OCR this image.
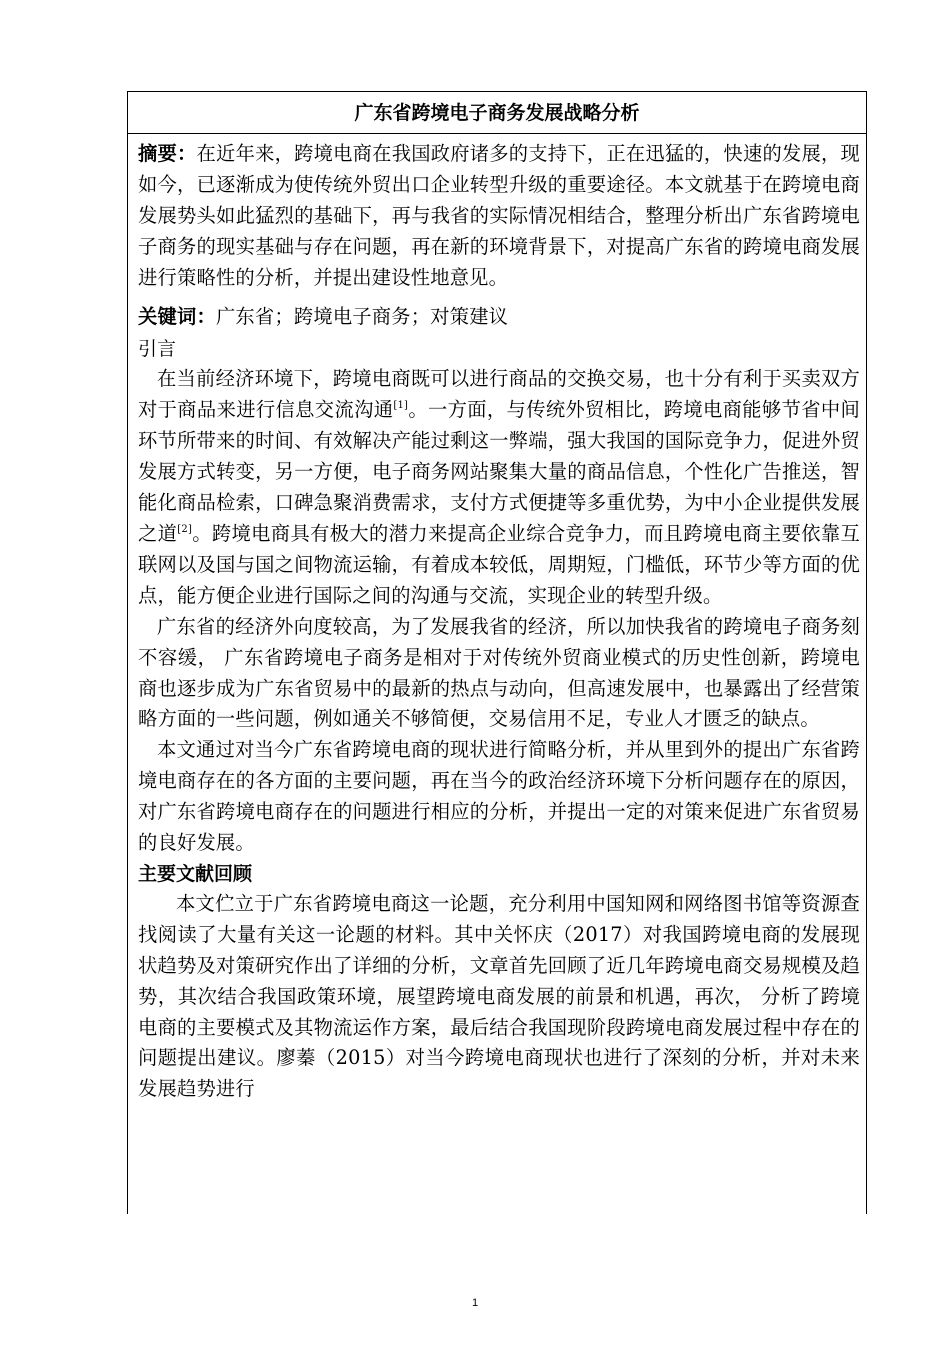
广东省跨境电子商务发展战略分析

摘要：在近年来，跨境电商在我国政府诸多的支持下，正在迅猛的，快速的发展，现如今，已逐渐成为使传统外贸出口企业转型升级的重要途径。本文就基于在跨境电商发展势头如此猛烈的基础下，再与我省的实际情况相结合，整理分析出广东省跨境电子商务的现实基础与存在问题，再在新的环境背景下，对提高广东省的跨境电商发展进行策略性的分析，并提出建设性地意见。

关键词：广东省；跨境电子商务；对策建议

引言

在当前经济环境下，跨境电商既可以进行商品的交换交易，也十分有利于买卖双方对于商品来进行信息交流沟通[1]。一方面，与传统外贸相比，跨境电商能够节省中间环节所带来的时间、有效解决产能过剩这一弊端，强大我国的国际竞争力，促进外贸发展方式转变，另一方便，电子商务网站聚集大量的商品信息，个性化广告推送，智能化商品检索，口碑急聚消费需求，支付方式便捷等多重优势，为中小企业提供发展之道[2]。跨境电商具有极大的潜力来提高企业综合竞争力，而且跨境电商主要依靠互联网以及国与国之间物流运输，有着成本较低，周期短，门槛低，环节少等方面的优点，能方便企业进行国际之间的沟通与交流，实现企业的转型升级。

广东省的经济外向度较高，为了发展我省的经济，所以加快我省的跨境电子商务刻不容缓， 广东省跨境电子商务是相对于对传统外贸商业模式的历史性创新，跨境电商也逐步成为广东省贸易中的最新的热点与动向，但高速发展中，也暴露出了经营策略方面的一些问题，例如通关不够简便，交易信用不足，专业人才匮乏的缺点。

本文通过对当今广东省跨境电商的现状进行简略分析，并从里到外的提出广东省跨境电商存在的各方面的主要问题，再在当今的政治经济环境下分析问题存在的原因，对广东省跨境电商存在的问题进行相应的分析，并提出一定的对策来促进广东省贸易的良好发展。

主要文献回顾

本文伫立于广东省跨境电商这一论题，充分利用中国知网和网络图书馆等资源查找阅读了大量有关这一论题的材料。其中关怀庆（2017）对我国跨境电商的发展现状趋势及对策研究作出了详细的分析，文章首先回顾了近几年跨境电商交易规模及趋势，其次结合我国政策环境，展望跨境电商发展的前景和机遇，再次， 分析了跨境电商的主要模式及其物流运作方案，最后结合我国现阶段跨境电商发展过程中存在的问题提出建议。廖蓁（2015）对当今跨境电商现状也进行了深刻的分析，并对未来发展趋势进行

1
